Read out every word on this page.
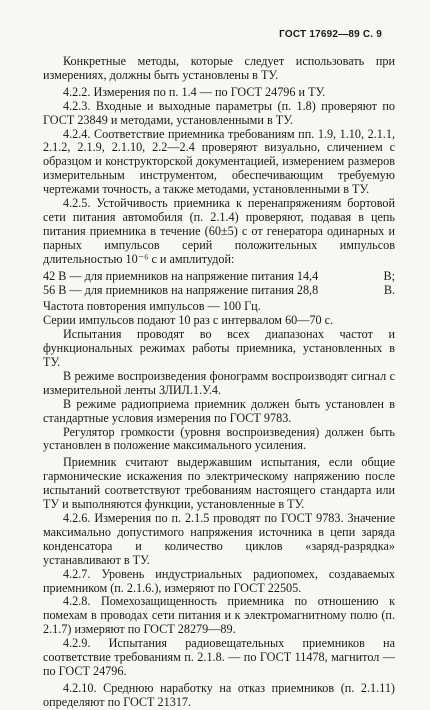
ГОСТ 17692—89 С. 9

Конкретные методы, которые следует использовать при измерениях, должны быть установлены в ТУ.

4.2.2. Измерения по п. 1.4 — по ГОСТ 24796 и ТУ.

4.2.3. Входные и выходные параметры (п. 1.8) проверяют по ГОСТ 23849 и методами, установленными в ТУ.

4.2.4. Соответствие приемника требованиям пп. 1.9, 1.10, 2.1.1, 2.1.2, 2.1.9, 2.1.10, 2.2—2.4 проверяют визуально, сличением с образцом и конструкторской документацией, измерением размеров измерительным инструментом, обеспечивающим требуемую чертежами точность, а также методами, установленными в ТУ.

4.2.5. Устойчивость приемника к перенапряжениям бортовой сети питания автомобиля (п. 2.1.4) проверяют, подавая в цепь питания приемника в течение (60±5) с от генератора одинарных и парных импульсов серий положительных импульсов длительностью 10⁻⁶ с и амплитудой:

42 В — для приемников на напряжение питания 14,4	В;
56 В — для приемников на напряжение питания 28,8	В.

Частота повторения импульсов — 100 Гц.

Серии импульсов подают 10 раз с интервалом 60—70 с.

Испытания проводят во всех диапазонах частот и функциональных режимах работы приемника, установленных в ТУ.

В режиме воспроизведения фонограмм воспроизводят сигнал с измерительной ленты ЗЛИЛ.1.У.4.

В режиме радиоприема приемник должен быть установлен в стандартные условия измерения по ГОСТ 9783.

Регулятор громкости (уровня воспроизведения) должен быть установлен в положение максимального усиления.

Приемник считают выдержавшим испытания, если общие гармонические искажения по электрическому напряжению после испытаний соответствуют требованиям настоящего стандарта или ТУ и выполняются функции, установленные в ТУ.

4.2.6. Измерения по п. 2.1.5 проводят по ГОСТ 9783. Значение максимально допустимого напряжения источника в цепи заряда конденсатора и количество циклов «заряд-разрядка» устанавливают в ТУ.

4.2.7. Уровень индустриальных радиопомех, создаваемых приемником (п. 2.1.6.), измеряют по ГОСТ 22505.

4.2.8. Помехозащищенность приемника по отношению к помехам в проводах сети питания и к электромагнитному полю (п. 2.1.7) измеряют по ГОСТ 28279—89.

4.2.9. Испытания радиовещательных приемников на соответствие требованиям п. 2.1.8. — по ГОСТ 11478, магнитол — по ГОСТ 24796.

4.2.10. Среднюю наработку на отказ приемников (п. 2.1.11) определяют по ГОСТ 21317.
